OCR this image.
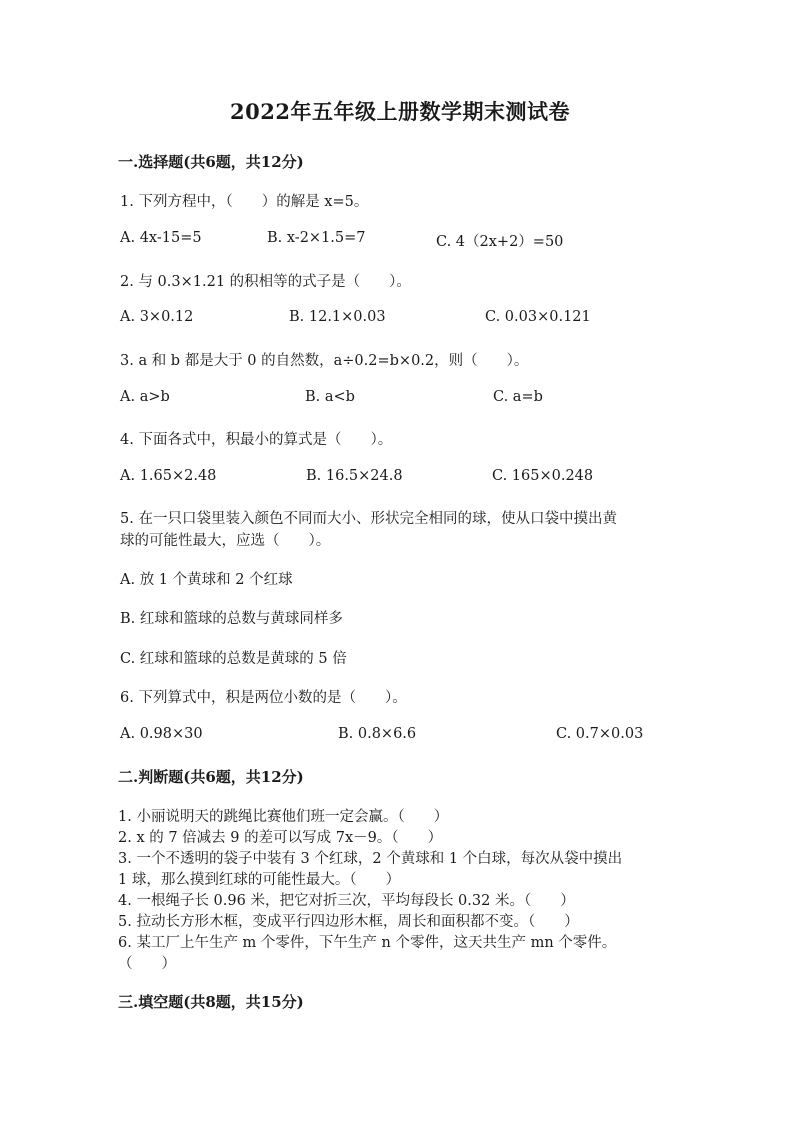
2022年五年级上册数学期末测试卷
一.选择题(共6题，共12分)
1. 下列方程中，（　　）的解是 x=5。
A. 4x-15=5	B. x-2×1.5=7	C. 4（2x+2）=50
2. 与 0.3×1.21 的积相等的式子是（　　）。
A. 3×0.12	B. 12.1×0.03	C. 0.03×0.121
3. a 和 b 都是大于 0 的自然数，a÷0.2=b×0.2，则（　　）。
A. a>b	B. a<b	C. a=b
4. 下面各式中，积最小的算式是（　　）。
A. 1.65×2.48	B. 16.5×24.8	C. 165×0.248
5. 在一只口袋里装入颜色不同而大小、形状完全相同的球，使从口袋中摸出黄
球的可能性最大，应选（　　）。
A. 放 1 个黄球和 2 个红球
B. 红球和篮球的总数与黄球同样多
C. 红球和篮球的总数是黄球的 5 倍
6. 下列算式中，积是两位小数的是（　　）。
A. 0.98×30	B. 0.8×6.6	C. 0.7×0.03
二.判断题(共6题，共12分)
1. 小丽说明天的跳绳比赛他们班一定会赢。（　　）
2. x 的 7 倍减去 9 的差可以写成 7x－9。（　　）
3. 一个不透明的袋子中装有 3 个红球，2 个黄球和 1 个白球，每次从袋中摸出
1 球，那么摸到红球的可能性最大。（　　）
4. 一根绳子长 0.96 米，把它对折三次，平均每段长 0.32 米。（　　）
5. 拉动长方形木框，变成平行四边形木框，周长和面积都不变。（　　）
6. 某工厂上午生产 m 个零件，下午生产 n 个零件，这天共生产 mn 个零件。
（　　）
三.填空题(共8题，共15分)
